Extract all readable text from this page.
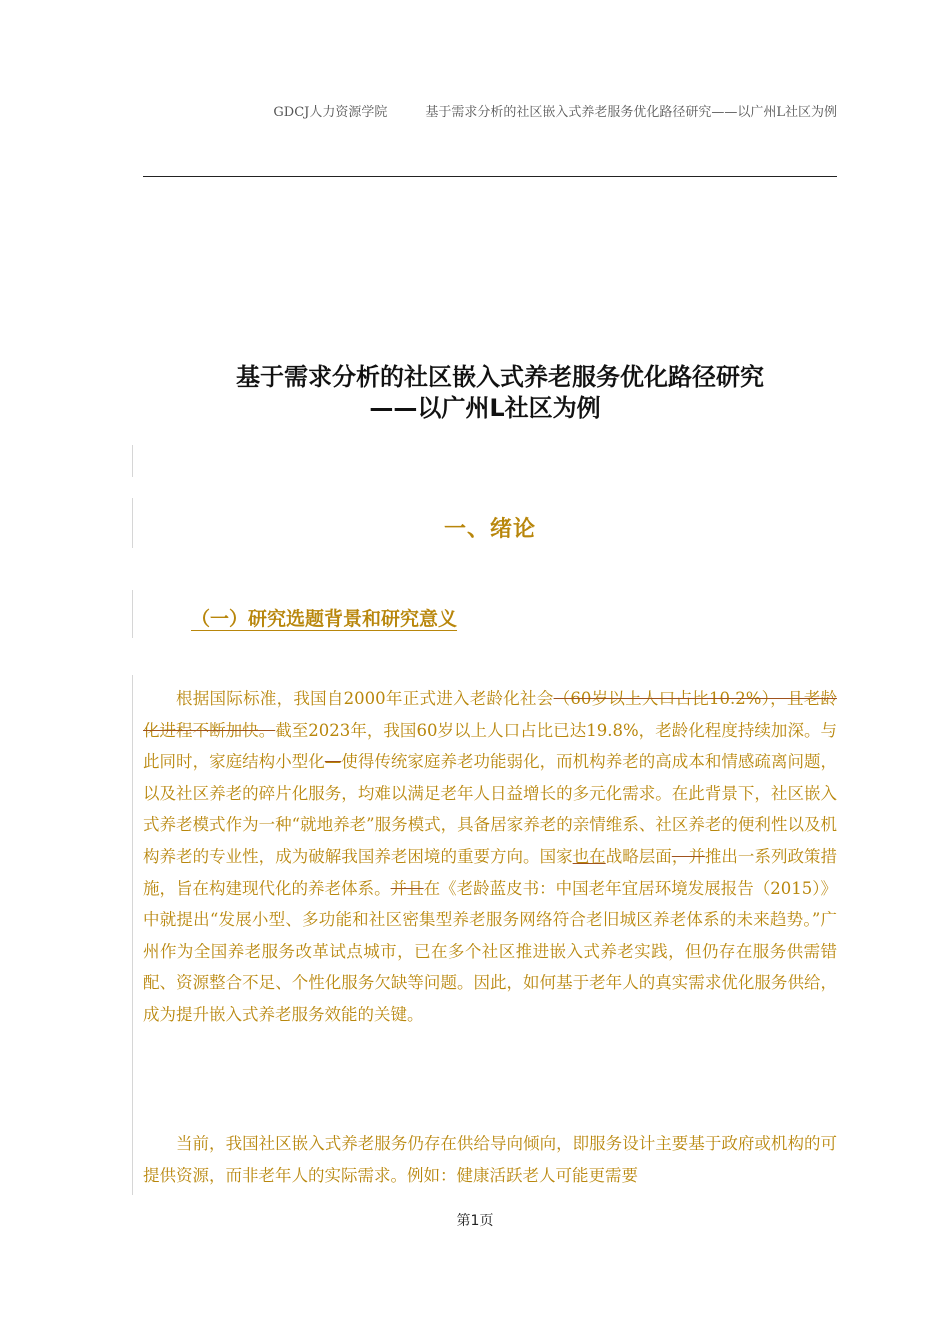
GDCJ人力资源学院	基于需求分析的社区嵌入式养老服务优化路径研究——以广州L社区为例
基于需求分析的社区嵌入式养老服务优化路径研究
——以广州L社区为例
一、绪论
（一）研究选题背景和研究意义

根据国际标准，我国自2000年正式进入老龄化社会（60岁以上人口占比10.2%），且老龄化进程不断加快。截至2023年，我国60岁以上人口占比已达19.8%，老龄化程度持续加深。与此同时，家庭结构小型化—使得传统家庭养老功能弱化，而机构养老的高成本和情感疏离问题，以及社区养老的碎片化服务，均难以满足老年人日益增长的多元化需求。在此背景下，社区嵌入式养老模式作为一种“就地养老”服务模式，具备居家养老的亲情维系、社区养老的便利性以及机构养老的专业性，成为破解我国养老困境的重要方向。国家也在战略层面，并推出一系列政策措施，旨在构建现代化的养老体系。并且在《老龄蓝皮书：中国老年宜居环境发展报告（2015）》中就提出“发展小型、多功能和社区密集型养老服务网络符合老旧城区养老体系的未来趋势。”广州作为全国养老服务改革试点城市，已在多个社区推进嵌入式养老实践，但仍存在服务供需错配、资源整合不足、个性化服务欠缺等问题。因此，如何基于老年人的真实需求优化服务供给，成为提升嵌入式养老服务效能的关键。

当前，我国社区嵌入式养老服务仍存在供给导向倾向，即服务设计主要基于政府或机构的可提供资源，而非老年人的实际需求。例如：健康活跃老人可能更需要

第1页
